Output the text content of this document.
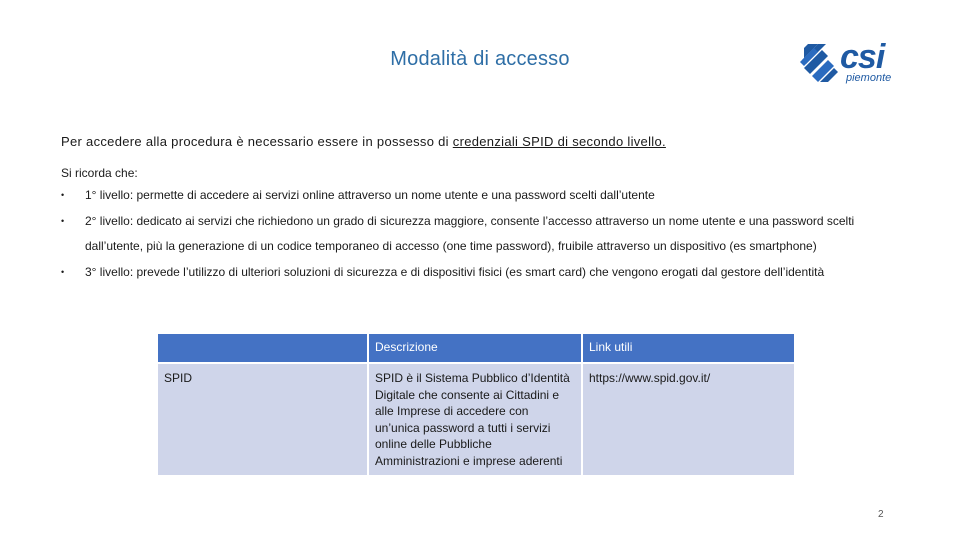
Modalità di accesso	csi
piemonte
Per accedere alla procedura è necessario essere in possesso di credenziali SPID di secondo livello.
Si ricorda che:
• 1° livello: permette di accedere ai servizi online attraverso un nome utente e una password scelti dall’utente
• 2° livello: dedicato ai servizi che richiedono un grado di sicurezza maggiore, consente l’accesso attraverso un nome utente e una password scelti dall’utente, più la generazione di un codice temporaneo di accesso (one time password), fruibile attraverso un dispositivo (es smartphone)
• 3° livello: prevede l’utilizzo di ulteriori soluzioni di sicurezza e di dispositivi fisici (es smart card) che vengono erogati dal gestore dell’identità
	Descrizione	Link utili
SPID	SPID è il Sistema Pubblico d’Identità Digitale che consente ai Cittadini e alle Imprese di accedere con un’unica password a tutti i servizi online delle Pubbliche Amministrazioni e imprese aderenti	https://www.spid.gov.it/
2
